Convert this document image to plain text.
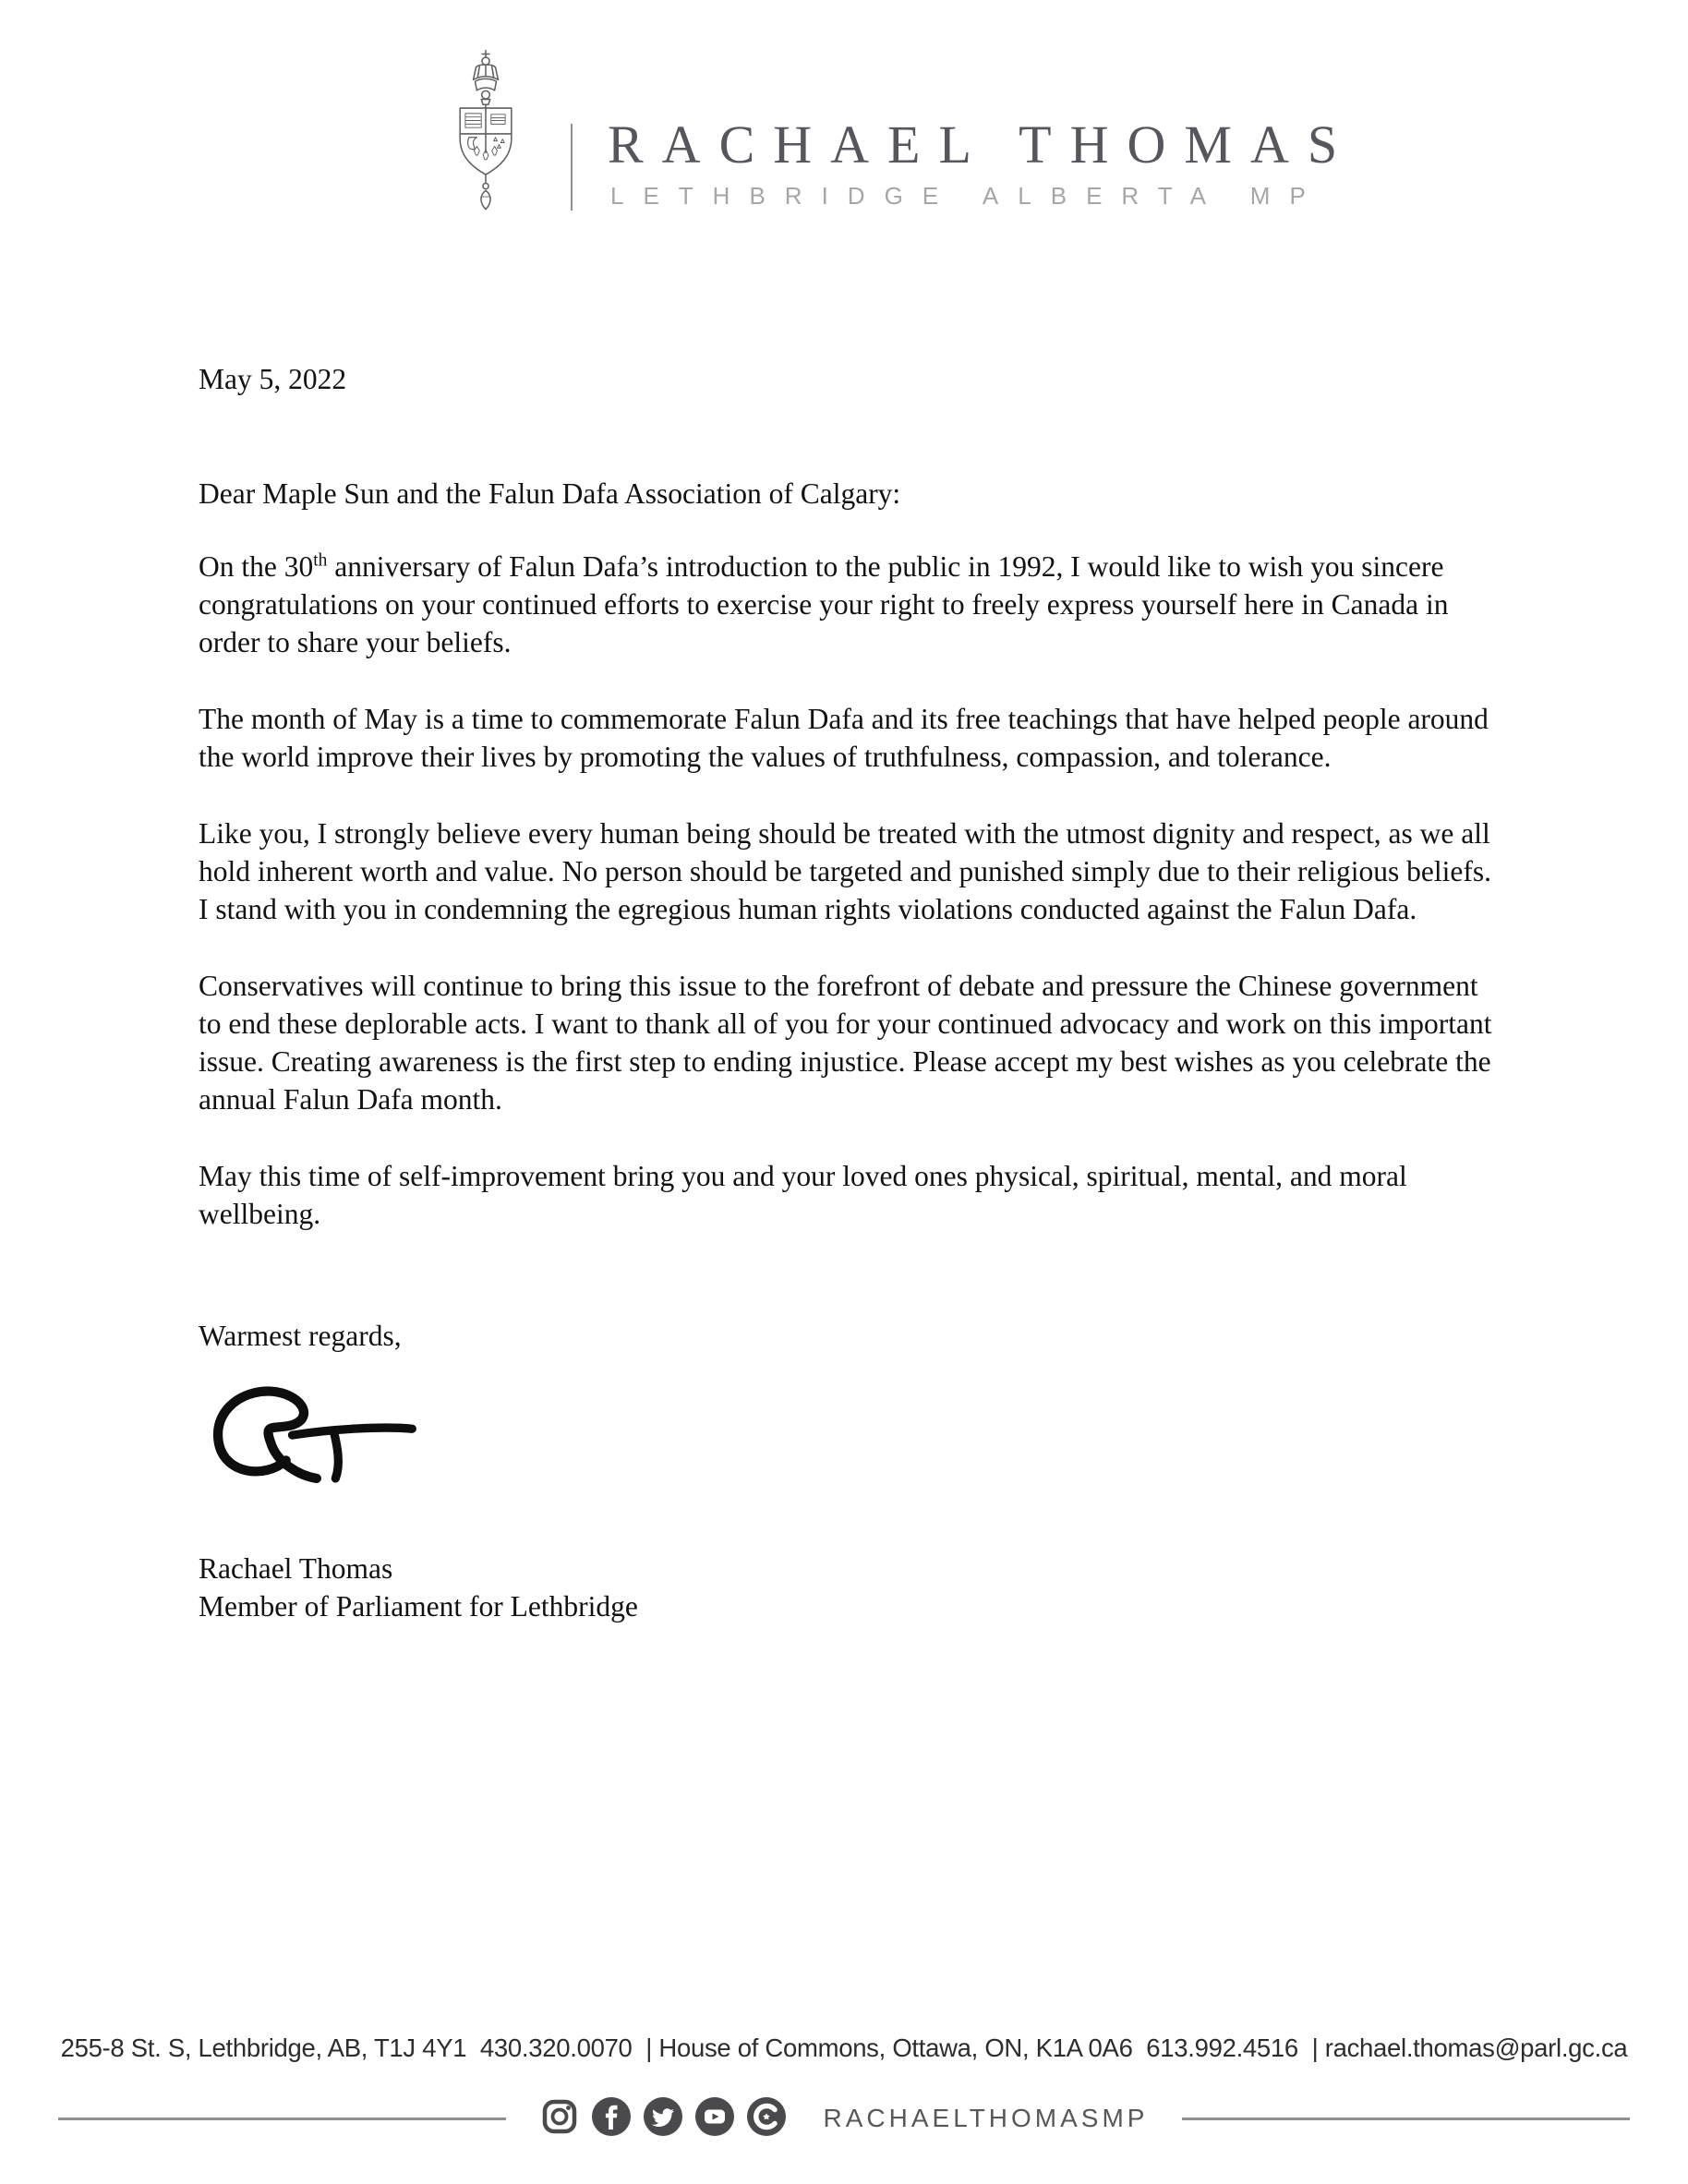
RACHAEL THOMAS
LETHBRIDGE ALBERTA MP

May 5, 2022

Dear Maple Sun and the Falun Dafa Association of Calgary:

On the 30th anniversary of Falun Dafa’s introduction to the public in 1992, I would like to wish you sincere congratulations on your continued efforts to exercise your right to freely express yourself here in Canada in order to share your beliefs.

The month of May is a time to commemorate Falun Dafa and its free teachings that have helped people around the world improve their lives by promoting the values of truthfulness, compassion, and tolerance.

Like you, I strongly believe every human being should be treated with the utmost dignity and respect, as we all hold inherent worth and value. No person should be targeted and punished simply due to their religious beliefs. I stand with you in condemning the egregious human rights violations conducted against the Falun Dafa.

Conservatives will continue to bring this issue to the forefront of debate and pressure the Chinese government to end these deplorable acts. I want to thank all of you for your continued advocacy and work on this important issue. Creating awareness is the first step to ending injustice. Please accept my best wishes as you celebrate the annual Falun Dafa month.

May this time of self-improvement bring you and your loved ones physical, spiritual, mental, and moral wellbeing.

Warmest regards,

Rachael Thomas

Member of Parliament for Lethbridge

255-8 St. S, Lethbridge, AB, T1J 4Y1  430.320.0070  | House of Commons, Ottawa, ON, K1A 0A6  613.992.4516  | rachael.thomas@parl.gc.ca
RACHAELTHOMASMP
